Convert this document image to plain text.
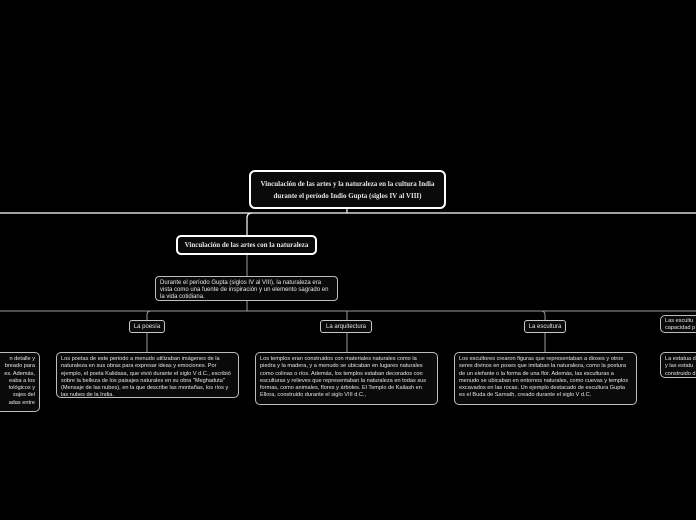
Vinculación de las artes y la naturaleza en la cultura India
durante el período Indio Gupta (siglos IV al VIII)
Vinculación de las artes con la naturaleza
Durante el período Gupta (siglos IV al VIII), la naturaleza era vista como una fuente de inspiración y un elemento sagrado en la vida cotidiana.
La poesía	La arquitectura	La escultura
Los poetas de este periodo a menudo utilizaban imágenes de la naturaleza en sus obras para expresar ideas y emociones. Por ejemplo, el poeta Kalidasa, que vivió durante el siglo V d.C., escribió sobre la belleza de los paisajes naturales en su obra "Meghaduta" (Mensaje de las nubes), en la que describe las montañas, los ríos y las nubes de la India.
Los templos eran construidos con materiales naturales como la piedra y la madera, y a menudo se ubicaban en lugares naturales como colinas o ríos. Además, los templos estaban decorados con esculturas y relieves que representaban la naturaleza en todas sus formas, como animales, flores y árboles. El Templo de Kailash en Ellora, construido durante el siglo VIII d.C.,
Los escultores crearon figuras que representaban a dioses y otros seres divinos en poses que imitaban la naturaleza, como la postura de un elefante o la forma de una flor. Además, las esculturas a menudo se ubicaban en entornos naturales, como cuevas y templos excavados en las rocas. Un ejemplo destacado de escultura Gupta es el Buda de Sarnath, creado durante el siglo V d.C.
n detalle y
breado para
es. Además,
eaba a los
tológicos y
sajes del
adas entre
Las escultu
capacidad p
La estatua d
y las estatu
construido d
